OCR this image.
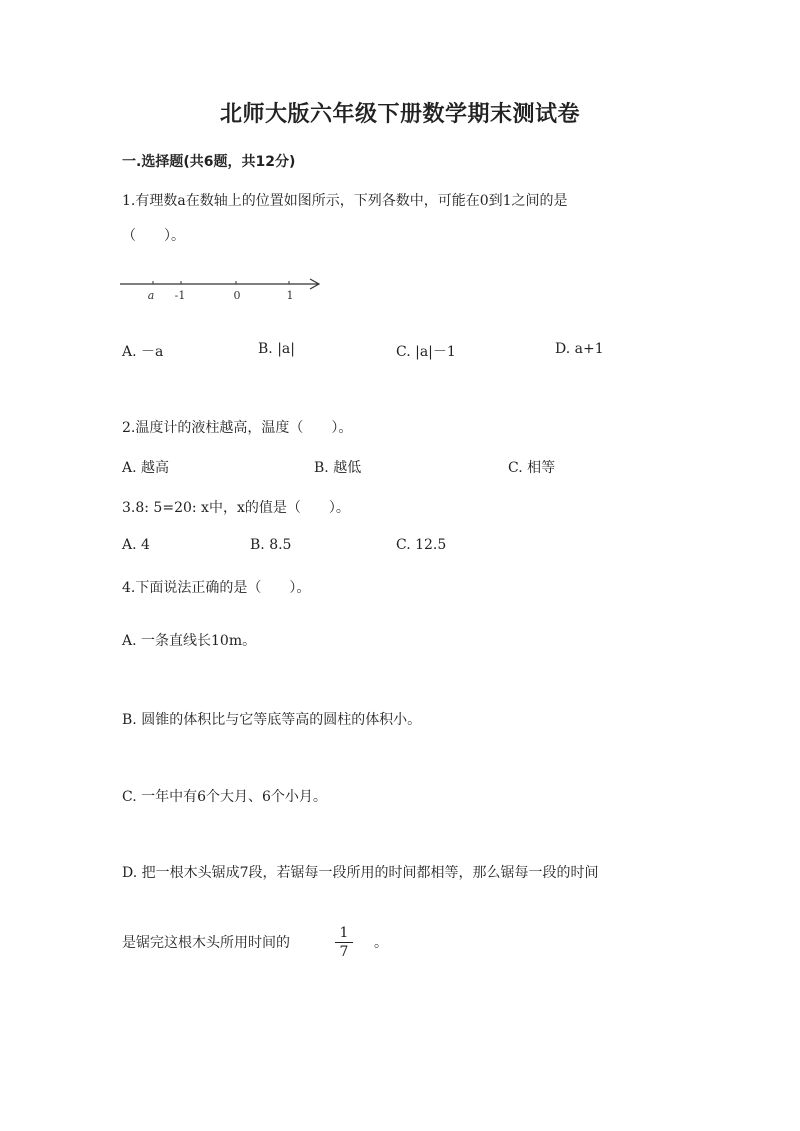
北师大版六年级下册数学期末测试卷
一.选择题(共6题，共12分)
1.有理数a在数轴上的位置如图所示，下列各数中，可能在0到1之间的是
（　　）。
a -1	0	1
A. －a	B. |a|	C. |a|－1	D. a+1
2.温度计的液柱越高，温度（　　）。
A. 越高	B. 越低	C. 相等
3.8: 5=20: x中，x的值是（　　）。
A. 4	B. 8.5	C. 12.5
4.下面说法正确的是（　　）。
A. 一条直线长10m。
B. 圆锥的体积比与它等底等高的圆柱的体积小。
C. 一年中有6个大月、6个小月。
D. 把一根木头锯成7段，若锯每一段所用的时间都相等，那么锯每一段的时间
是锯完这根木头所用时间的
1
7
。
